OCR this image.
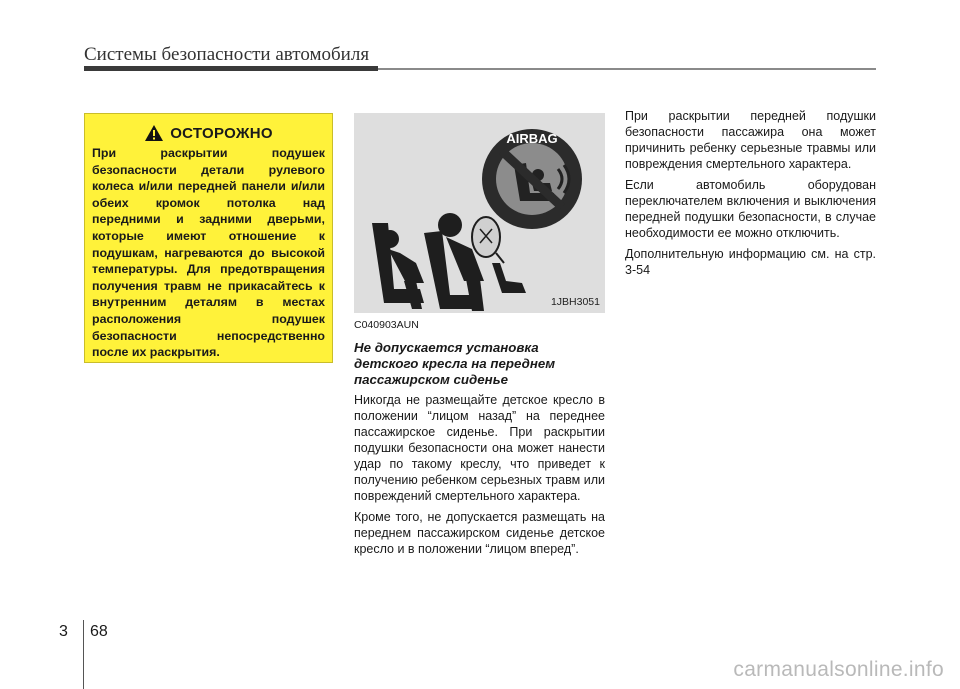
Системы безопасности автомобиля
ОСТОРОЖНО

При раскрытии подушек безопасности детали рулевого колеса и/или передней панели и/или обеих кромок потолка над передними и задними дверьми, которые имеют отношение к подушкам, нагреваются до высокой температуры. Для предотвращения получения травм не прикасайтесь к внутренним деталям в местах расположения подушек безопасности непосредственно после их раскрытия.

AIRBAG
1JBH3051
C040903AUN
Не допускается установка детского кресла на переднем пассажирском сиденье

Никогда не размещайте детское кресло в положении “лицом назад” на переднее пассажирское сиденье. При раскрытии подушки безопасности она может нанести удар по такому креслу, что приведет к получению ребенком серьезных травм или повреждений смертельного характера.

Кроме того, не допускается размещать на переднем пассажирском сиденье детское кресло и в положении “лицом вперед”.

При раскрытии передней подушки безопасности пассажира она может причинить ребенку серьезные травмы или повреждения смертельного характера.

Если автомобиль оборудован переключателем включения и выключения передней подушки безопасности, в случае необходимости ее можно отключить.

Дополнительную информацию см. на стр. 3-54

3 68
carmanualsonline.info
